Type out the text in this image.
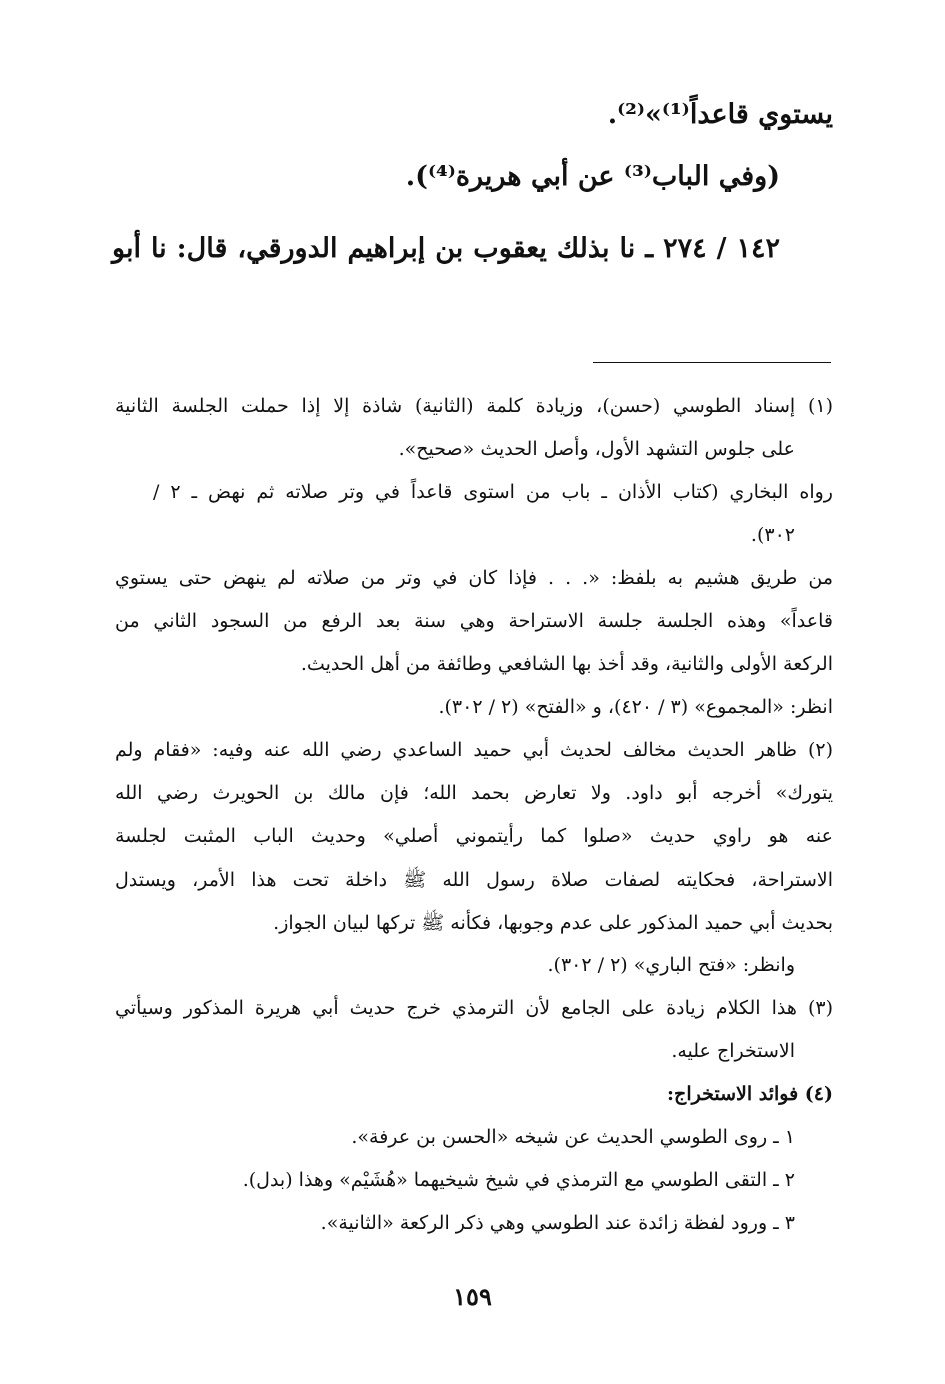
يستوي قاعداً⁽¹⁾»⁽²⁾.
(وفي الباب⁽³⁾ عن أبي هريرة⁽⁴⁾).
١٤٢ / ٢٧٤ ـ نا بذلك يعقوب بن إبراهيم الدورقي، قال: نا أبو
(١) إسناد الطوسي (حسن)، وزيادة كلمة (الثانية) شاذة إلا إذا حملت الجلسة الثانية
على جلوس التشهد الأول، وأصل الحديث «صحيح».
رواه البخاري (كتاب الأذان ـ باب من استوى قاعداً في وتر صلاته ثم نهض ـ ٢ /
٣٠٢).
من طريق هشيم به بلفظ: «. . . فإذا كان في وتر من صلاته لم ينهض حتى يستوي
قاعداً» وهذه الجلسة جلسة الاستراحة وهي سنة بعد الرفع من السجود الثاني من
الركعة الأولى والثانية، وقد أخذ بها الشافعي وطائفة من أهل الحديث.
انظر: «المجموع» (٣ / ٤٢٠)، و «الفتح» (٢ / ٣٠٢).
(٢) ظاهر الحديث مخالف لحديث أبي حميد الساعدي رضي الله عنه وفيه: «فقام ولم
يتورك» أخرجه أبو داود. ولا تعارض بحمد الله؛ فإن مالك بن الحويرث رضي الله
عنه هو راوي حديث «صلوا كما رأيتموني أصلي» وحديث الباب المثبت لجلسة
الاستراحة، فحكايته لصفات صلاة رسول الله ﷺ داخلة تحت هذا الأمر، ويستدل
بحديث أبي حميد المذكور على عدم وجوبها، فكأنه ﷺ تركها لبيان الجواز.
وانظر: «فتح الباري» (٢ / ٣٠٢).
(٣) هذا الكلام زيادة على الجامع لأن الترمذي خرج حديث أبي هريرة المذكور وسيأتي
الاستخراج عليه.
(٤) فوائد الاستخراج:
١ ـ روى الطوسي الحديث عن شيخه «الحسن بن عرفة».
٢ ـ التقى الطوسي مع الترمذي في شيخ شيخيهما «هُشَيْم» وهذا (بدل).
٣ ـ ورود لفظة زائدة عند الطوسي وهي ذكر الركعة «الثانية».
١٥٩
